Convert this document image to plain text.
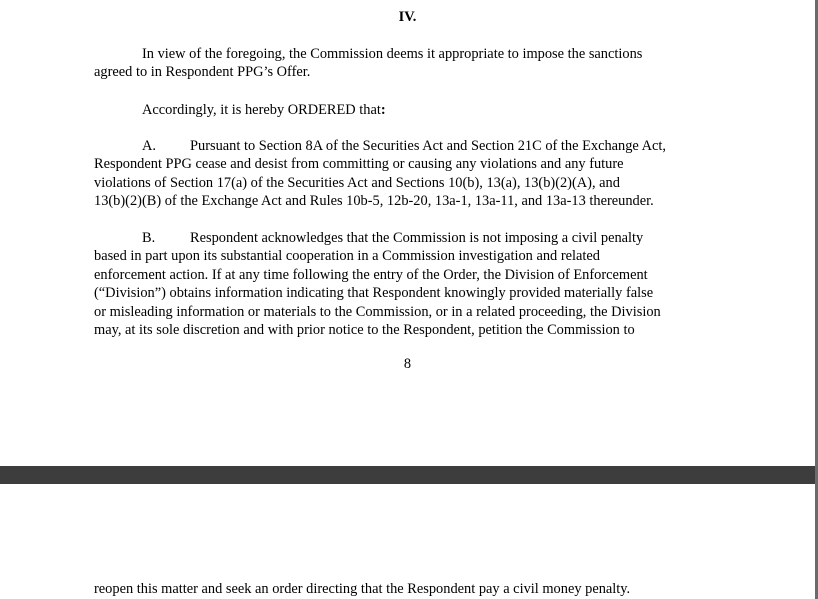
IV.
In view of the foregoing, the Commission deems it appropriate to impose the sanctions
agreed to in Respondent PPG’s Offer.
Accordingly, it is hereby ORDERED that:
A. Pursuant to Section 8A of the Securities Act and Section 21C of the Exchange Act,
Respondent PPG cease and desist from committing or causing any violations and any future
violations of Section 17(a) of the Securities Act and Sections 10(b), 13(a), 13(b)(2)(A), and
13(b)(2)(B) of the Exchange Act and Rules 10b-5, 12b-20, 13a-1, 13a-11, and 13a-13 thereunder.
B. Respondent acknowledges that the Commission is not imposing a civil penalty
based in part upon its substantial cooperation in a Commission investigation and related
enforcement action. If at any time following the entry of the Order, the Division of Enforcement
(“Division”) obtains information indicating that Respondent knowingly provided materially false
or misleading information or materials to the Commission, or in a related proceeding, the Division
may, at its sole discretion and with prior notice to the Respondent, petition the Commission to
8
reopen this matter and seek an order directing that the Respondent pay a civil money penalty.
